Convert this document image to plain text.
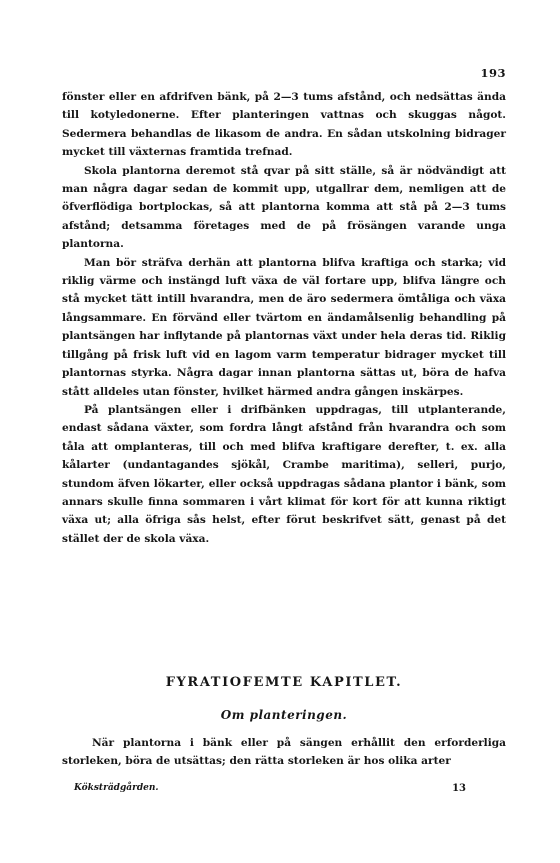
193

fönster eller en afdrifven bänk, på 2—3 tums afstånd, och nedsättas ända till kotyledonerne. Efter planteringen vattnas och skuggas något. Sedermera behandlas de likasom de andra. En sådan utskolning bidrager mycket till växternas framtida trefnad.

Skola plantorna deremot stå qvar på sitt ställe, så är nödvändigt att man några dagar sedan de kommit upp, utgallrar dem, nemligen att de öfverflödiga bortplockas, så att plantorna komma att stå på 2—3 tums afstånd; detsamma företages med de på frösängen varande unga plantorna.

Man bör sträfva derhän att plantorna blifva kraftiga och starka; vid riklig värme och instängd luft växa de väl fortare upp, blifva längre och stå mycket tätt intill hvarandra, men de äro sedermera ömtåliga och växa långsammare. En förvänd eller tvärtom en ändamålsenlig behandling på plantsängen har inflytande på plantornas växt under hela deras tid. Riklig tillgång på frisk luft vid en lagom varm temperatur bidrager mycket till plantornas styrka. Några dagar innan plantorna sättas ut, böra de hafva stått alldeles utan fönster, hvilket härmed andra gången inskärpes.

På plantsängen eller i drifbänken uppdragas, till utplanterande, endast sådana växter, som fordra långt afstånd från hvarandra och som tåla att omplanteras, till och med blifva kraftigare derefter, t. ex. alla kålarter (undantagandes sjökål, Crambe maritima), selleri, purjo, stundom äfven lökarter, eller också uppdragas sådana plantor i bänk, som annars skulle finna sommaren i vårt klimat för kort för att kunna riktigt växa ut; alla öfriga sås helst, efter förut beskrifvet sätt, genast på det stället der de skola växa.

FYRATIOFEMTE KAPITLET.
Om planteringen.

När plantorna i bänk eller på sängen erhållit den erforderliga storleken, böra de utsättas; den rätta storleken är hos olika arter

Köksträdgården.	13
